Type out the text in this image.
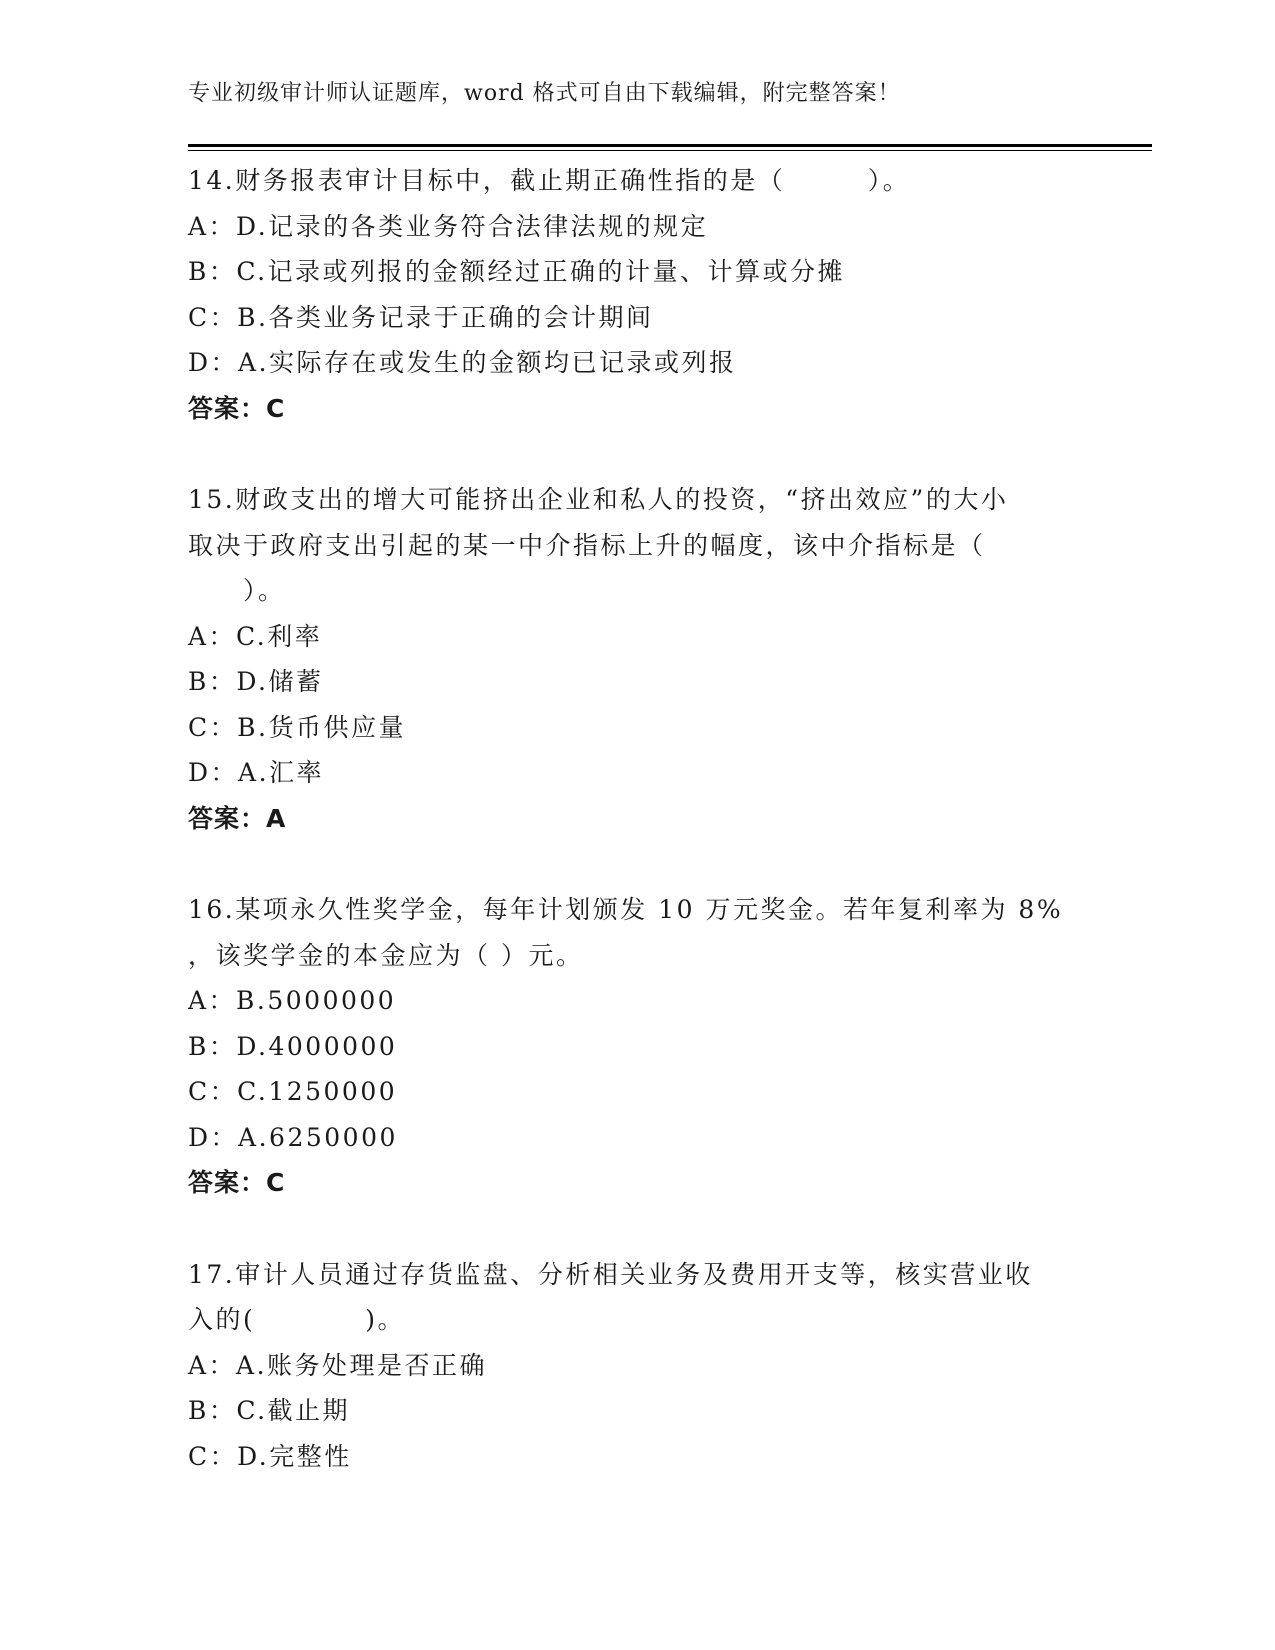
专业初级审计师认证题库，word 格式可自由下载编辑，附完整答案！
14.财务报表审计目标中，截止期正确性指的是（　　　）。
A：D.记录的各类业务符合法律法规的规定
B：C.记录或列报的金额经过正确的计量、计算或分摊
C：B.各类业务记录于正确的会计期间
D：A.实际存在或发生的金额均已记录或列报
答案：C
15.财政支出的增大可能挤出企业和私人的投资，“挤出效应”的大小
取决于政府支出引起的某一中介指标上升的幅度，该中介指标是（
　　）。
A：C.利率
B：D.储蓄
C：B.货币供应量
D：A.汇率
答案：A
16.某项永久性奖学金，每年计划颁发 10 万元奖金。若年复利率为 8%
，该奖学金的本金应为（ ）元。
A：B.5000000
B：D.4000000
C：C.1250000
D：A.6250000
答案：C
17.审计人员通过存货监盘、分析相关业务及费用开支等，核实营业收
入的(　　　　)。
A：A.账务处理是否正确
B：C.截止期
C：D.完整性
